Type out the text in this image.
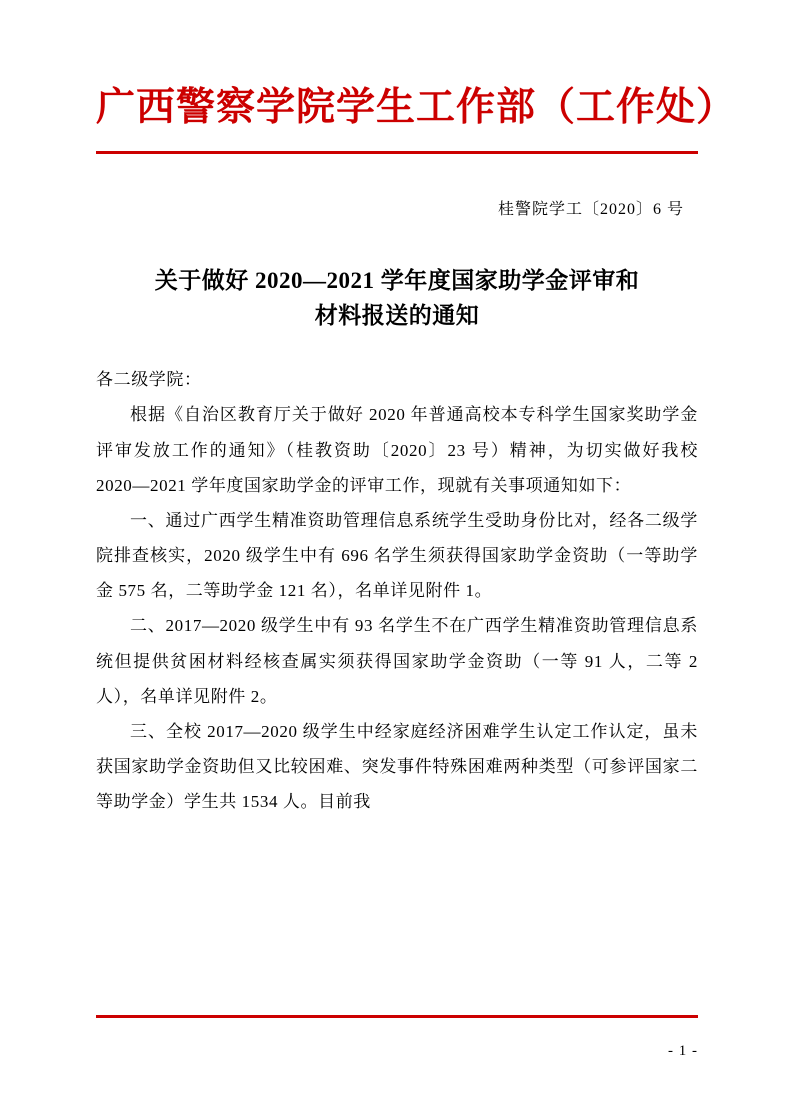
广西警察学院学生工作部（工作处）
桂警院学工〔2020〕6 号
关于做好 2020—2021 学年度国家助学金评审和
材料报送的通知

各二级学院：

根据《自治区教育厅关于做好 2020 年普通高校本专科学生国家奖助学金评审发放工作的通知》（桂教资助〔2020〕23 号）精神，为切实做好我校 2020—2021 学年度国家助学金的评审工作，现就有关事项通知如下：

一、通过广西学生精准资助管理信息系统学生受助身份比对，经各二级学院排查核实，2020 级学生中有 696 名学生须获得国家助学金资助（一等助学金 575 名，二等助学金 121 名），名单详见附件 1。

二、2017—2020 级学生中有 93 名学生不在广西学生精准资助管理信息系统但提供贫困材料经核查属实须获得国家助学金资助（一等 91 人，二等 2 人），名单详见附件 2。

三、全校 2017—2020 级学生中经家庭经济困难学生认定工作认定，虽未获国家助学金资助但又比较困难、突发事件特殊困难两种类型（可参评国家二等助学金）学生共 1534 人。目前我

- 1 -
